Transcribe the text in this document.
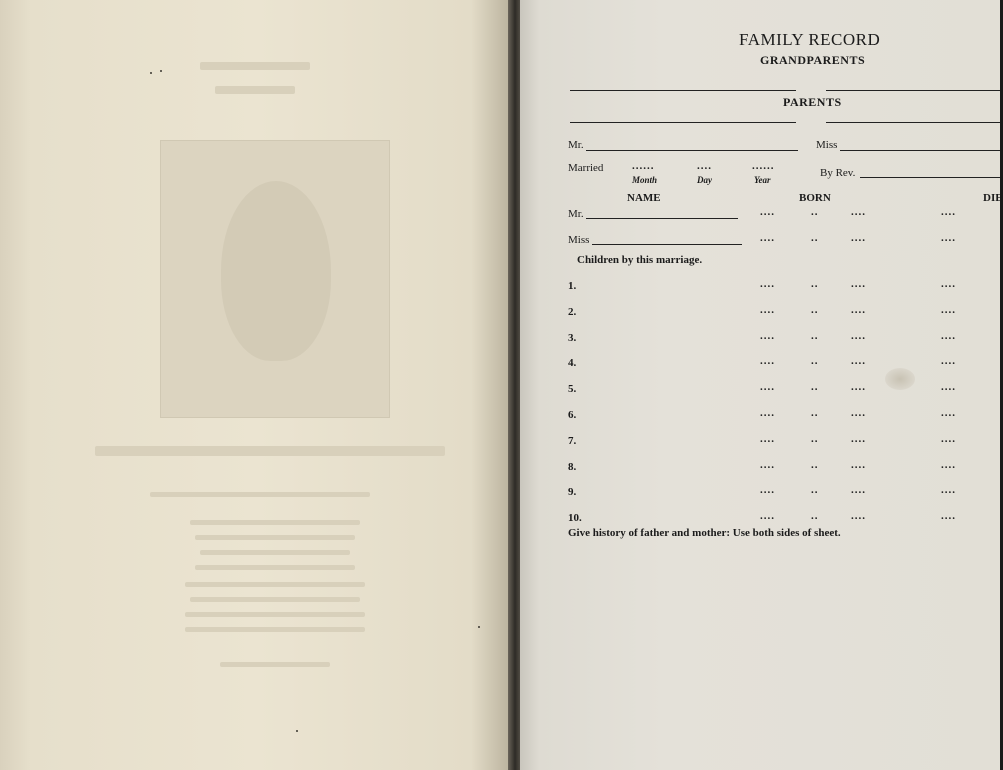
FAMILY RECORD
GRANDPARENTS
PARENTS
Mr.	Miss
Married	......	....	......
Month	Day	Year
By Rev.
NAME	BORN	DIE
Mr.	....	..	....	....
Miss	....	..	....	....
Children by this marriage.
1.	....	..	....	....
2.	....	..	....	....
3.	....	..	....	....
4.	....	..	....	....
5.	....	..	....	....
6.	....	..	....	....
7.	....	..	....	....
8.	....	..	....	....
9.	....	..	....	....
10.	....	..	....	....
Give history of father and mother: Use both sides of sheet.
